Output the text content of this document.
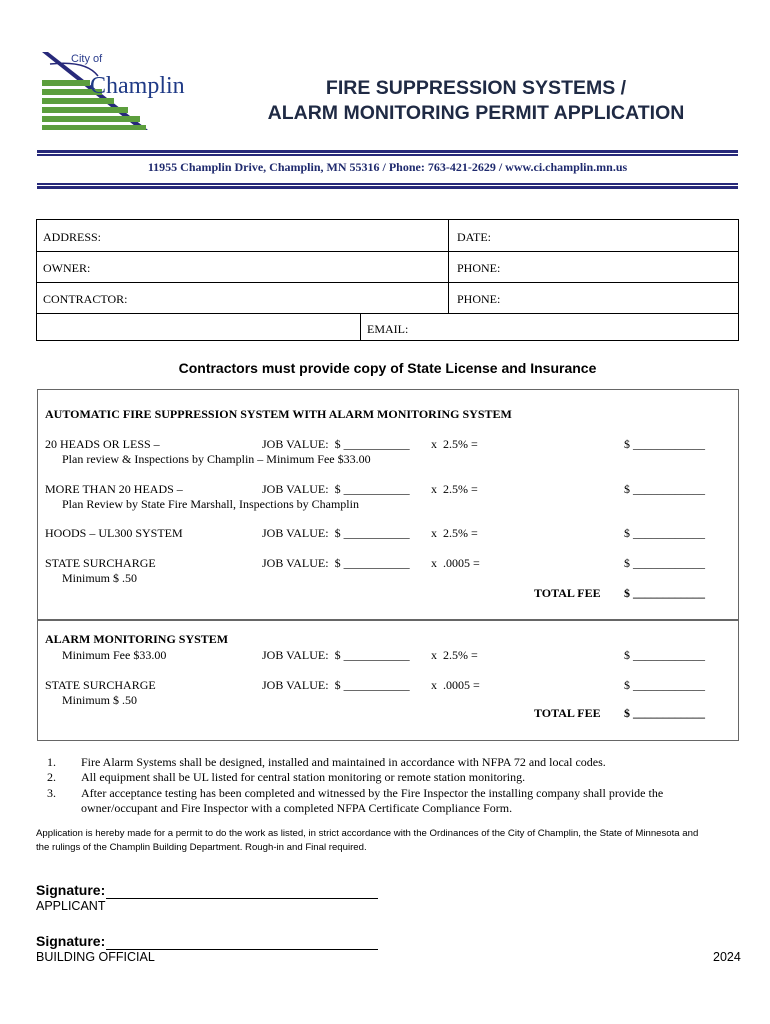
City of
Champlin	FIRE SUPPRESSION SYSTEMS /
ALARM MONITORING PERMIT APPLICATION
11955 Champlin Drive, Champlin, MN 55316 / Phone: 763-421-2629 / www.ci.champlin.mn.us
ADDRESS:	DATE:
OWNER:	PHONE:
CONTRACTOR:	PHONE:
EMAIL:
Contractors must provide copy of State License and Insurance
AUTOMATIC FIRE SUPPRESSION SYSTEM WITH ALARM MONITORING SYSTEM
20 HEADS OR LESS –
Plan review & Inspections by Champlin – Minimum Fee $33.00
JOB VALUE:  $ ___________ x  2.5% =	$ ____________
MORE THAN 20 HEADS –
Plan Review by State Fire Marshall, Inspections by Champlin
JOB VALUE:  $ ___________ x  2.5% =	$ ____________
HOODS – UL300 SYSTEM	JOB VALUE:  $ ___________ x  2.5% =	$ ____________
STATE SURCHARGE
Minimum $ .50
JOB VALUE:  $ ___________ x  .0005 =	$ ____________
TOTAL FEE $ ____________
ALARM MONITORING SYSTEM
Minimum Fee $33.00	JOB VALUE:  $ ___________ x  2.5% =	$ ____________
STATE SURCHARGE
Minimum $ .50
JOB VALUE:  $ ___________ x  .0005 =	$ ____________
TOTAL FEE $ ____________
1. Fire Alarm Systems shall be designed, installed and maintained in accordance with NFPA 72 and local codes.
2. All equipment shall be UL listed for central station monitoring or remote station monitoring.
3. After acceptance testing has been completed and witnessed by the Fire Inspector the installing company shall provide the
owner/occupant and Fire Inspector with a completed NFPA Certificate Compliance Form.
Application is hereby made for a permit to do the work as listed, in strict accordance with the Ordinances of the City of Champlin, the State of Minnesota and
the rulings of the Champlin Building Department. Rough-in and Final required.
Signature:
APPLICANT
Signature:
BUILDING OFFICIAL	2024
